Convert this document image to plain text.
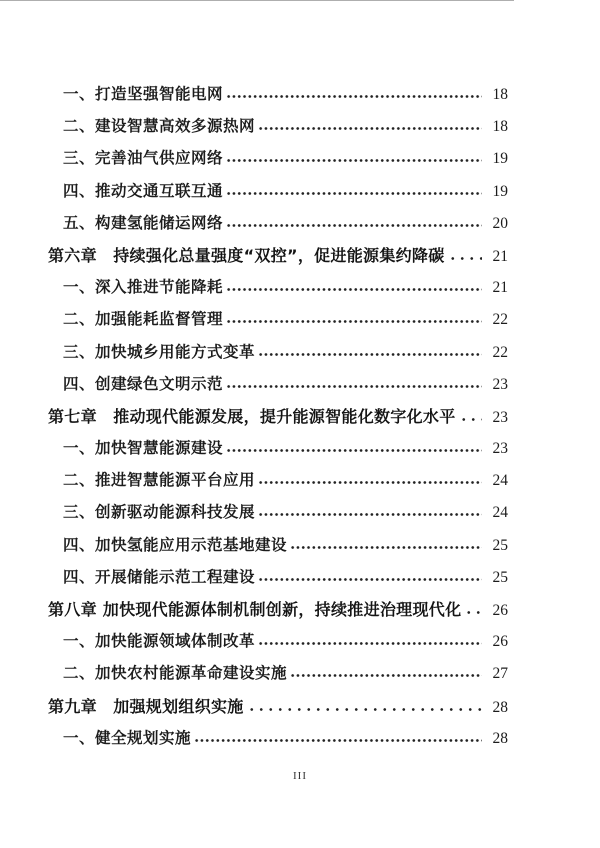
一、打造坚强智能电网	18
二、建设智慧高效多源热网	18
三、完善油气供应网络	19
四、推动交通互联互通	19
五、构建氢能储运网络	20
第六章　持续强化总量强度“双控”，促进能源集约降碳	21
一、深入推进节能降耗	21
二、加强能耗监督管理	22
三、加快城乡用能方式变革	22
四、创建绿色文明示范	23
第七章　推动现代能源发展，提升能源智能化数字化水平 23
一、加快智慧能源建设	23
二、推进智慧能源平台应用	24
三、创新驱动能源科技发展	24
四、加快氢能应用示范基地建设	25
四、开展储能示范工程建设	25
第八章 加快现代能源体制机制创新，持续推进治理现代化 26
一、加快能源领域体制改革	26
二、加快农村能源革命建设实施	27
第九章　加强规划组织实施	28
一、健全规划实施	28
III
